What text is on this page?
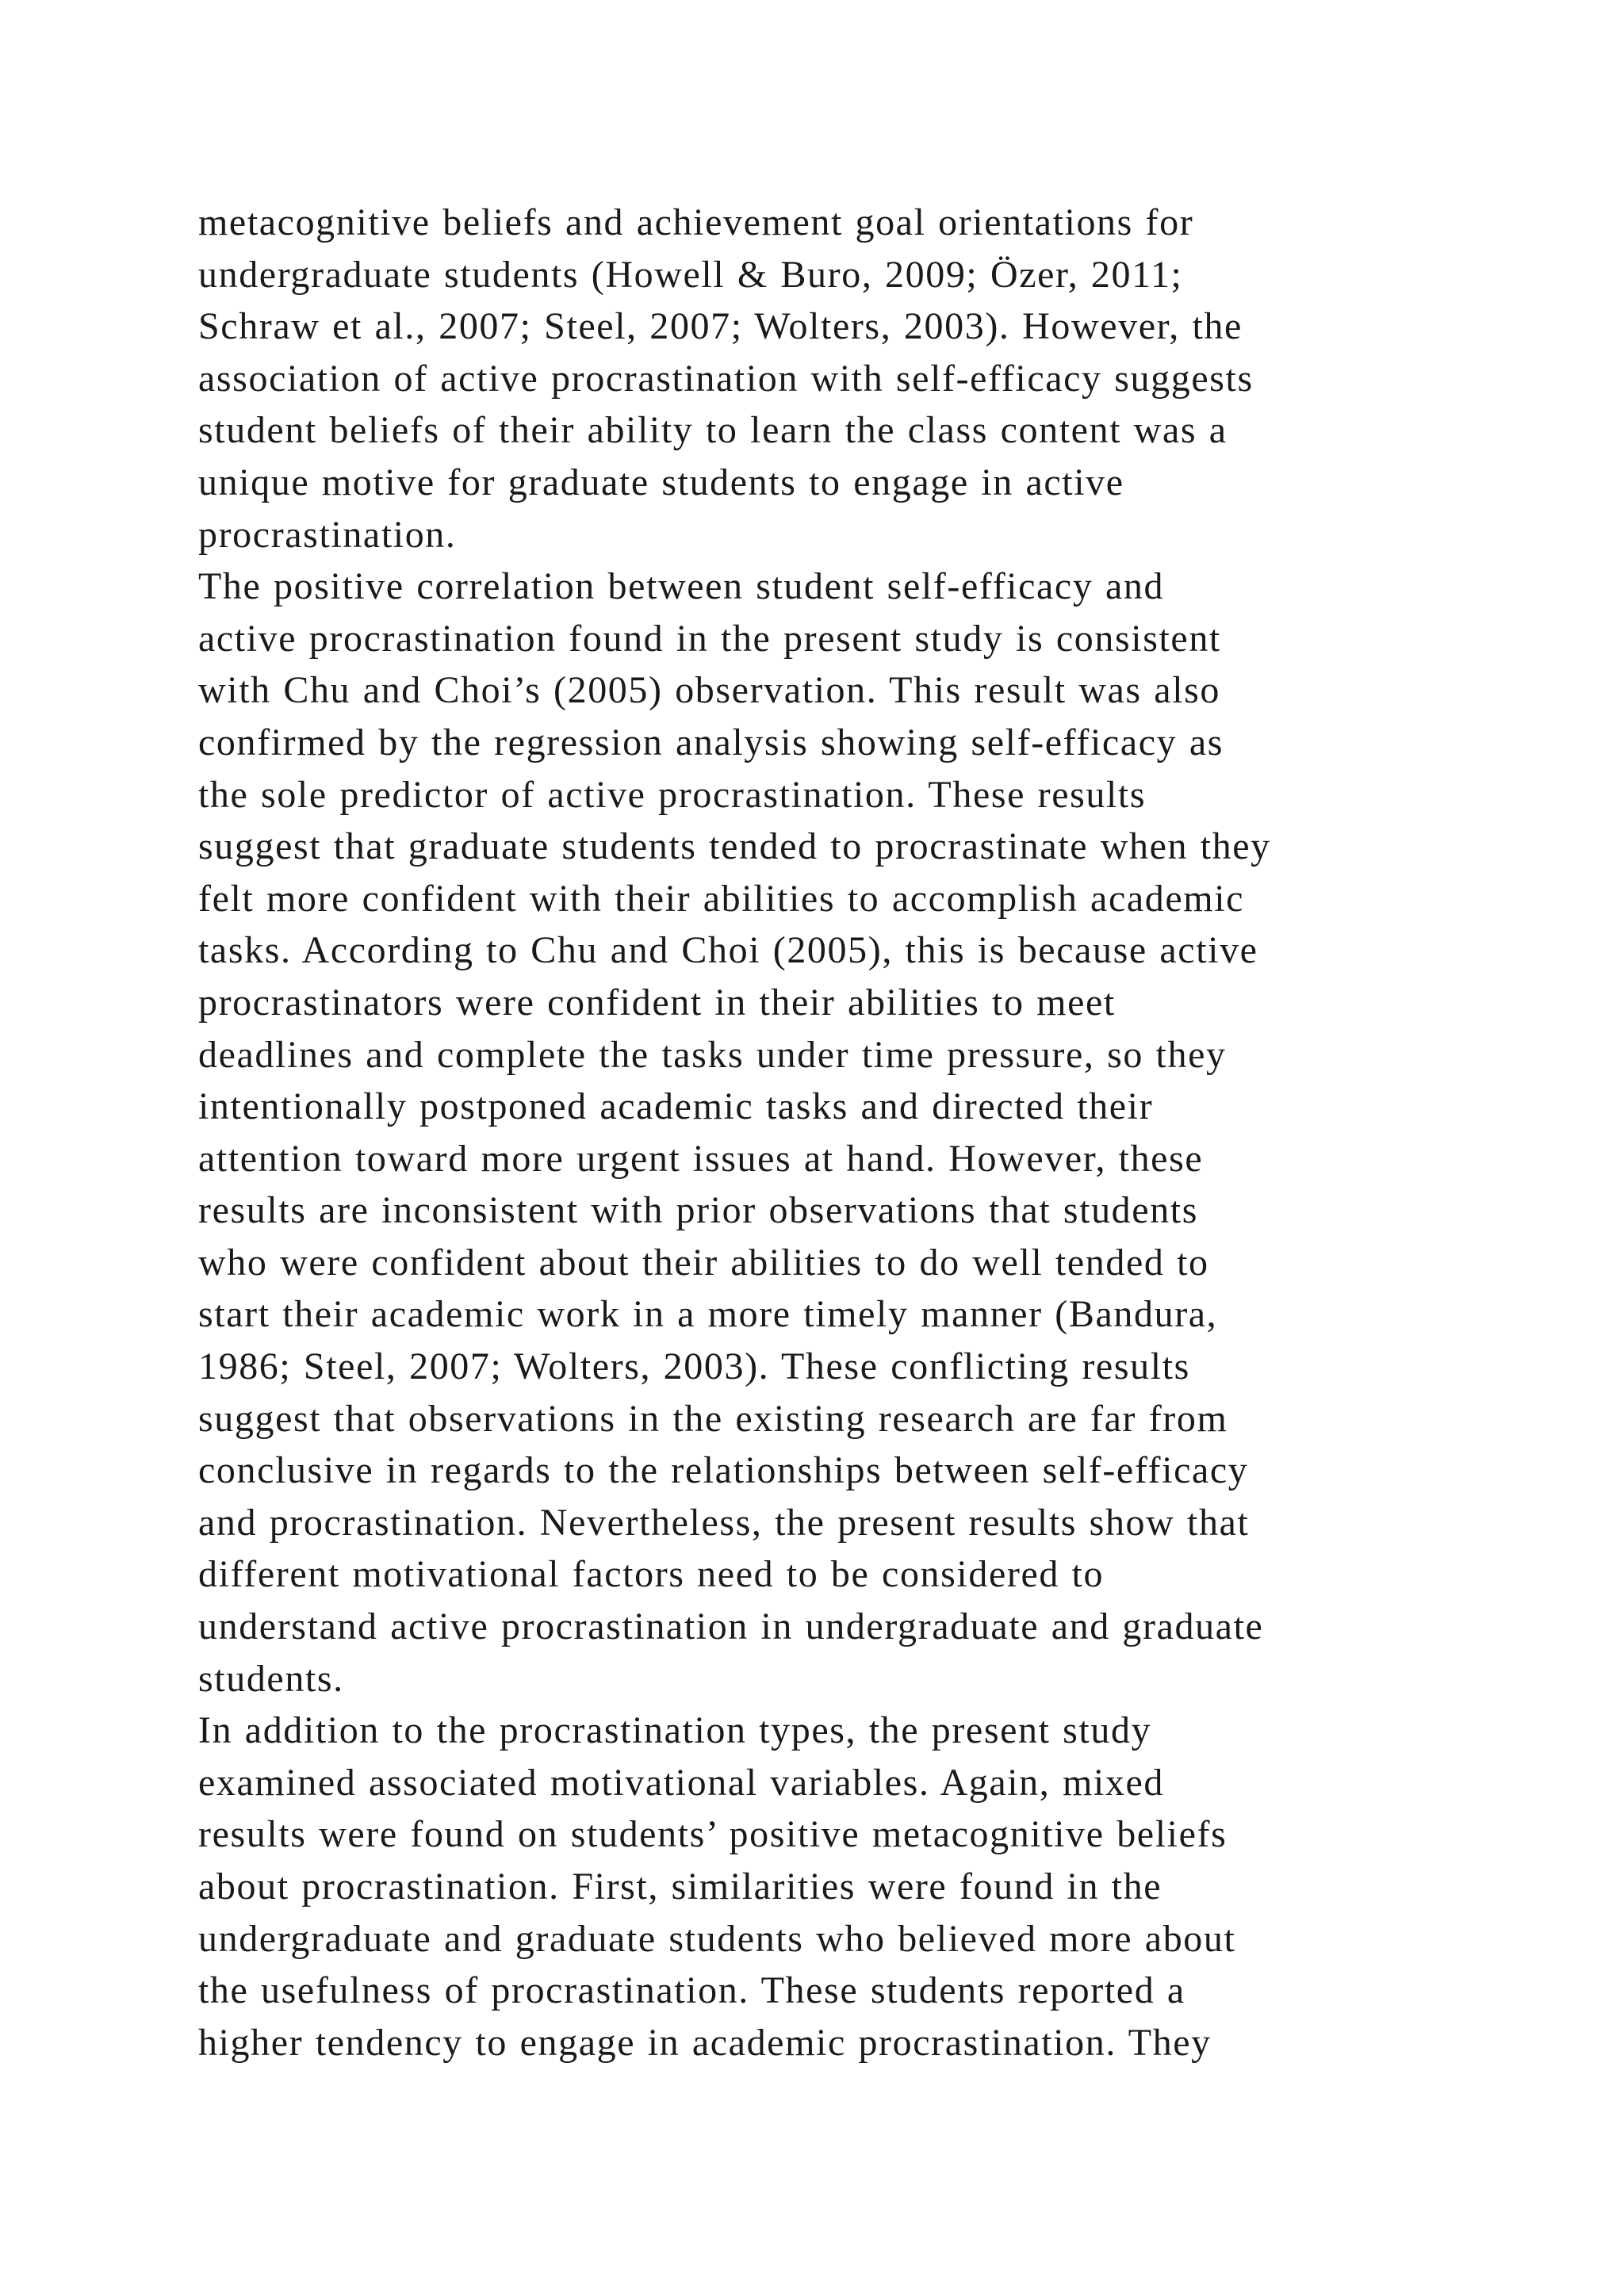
metacognitive beliefs and achievement goal orientations for
undergraduate students (Howell & Buro, 2009; Özer, 2011;
Schraw et al., 2007; Steel, 2007; Wolters, 2003). However, the
association of active procrastination with self-efficacy suggests
student beliefs of their ability to learn the class content was a
unique motive for graduate students to engage in active
procrastination.
The positive correlation between student self-efficacy and
active procrastination found in the present study is consistent
with Chu and Choi’s (2005) observation. This result was also
confirmed by the regression analysis showing self-efficacy as
the sole predictor of active procrastination. These results
suggest that graduate students tended to procrastinate when they
felt more confident with their abilities to accomplish academic
tasks. According to Chu and Choi (2005), this is because active
procrastinators were confident in their abilities to meet
deadlines and complete the tasks under time pressure, so they
intentionally postponed academic tasks and directed their
attention toward more urgent issues at hand. However, these
results are inconsistent with prior observations that students
who were confident about their abilities to do well tended to
start their academic work in a more timely manner (Bandura,
1986; Steel, 2007; Wolters, 2003). These conflicting results
suggest that observations in the existing research are far from
conclusive in regards to the relationships between self-efficacy
and procrastination. Nevertheless, the present results show that
different motivational factors need to be considered to
understand active procrastination in undergraduate and graduate
students.
In addition to the procrastination types, the present study
examined associated motivational variables. Again, mixed
results were found on students’ positive metacognitive beliefs
about procrastination. First, similarities were found in the
undergraduate and graduate students who believed more about
the usefulness of procrastination. These students reported a
higher tendency to engage in academic procrastination. They
